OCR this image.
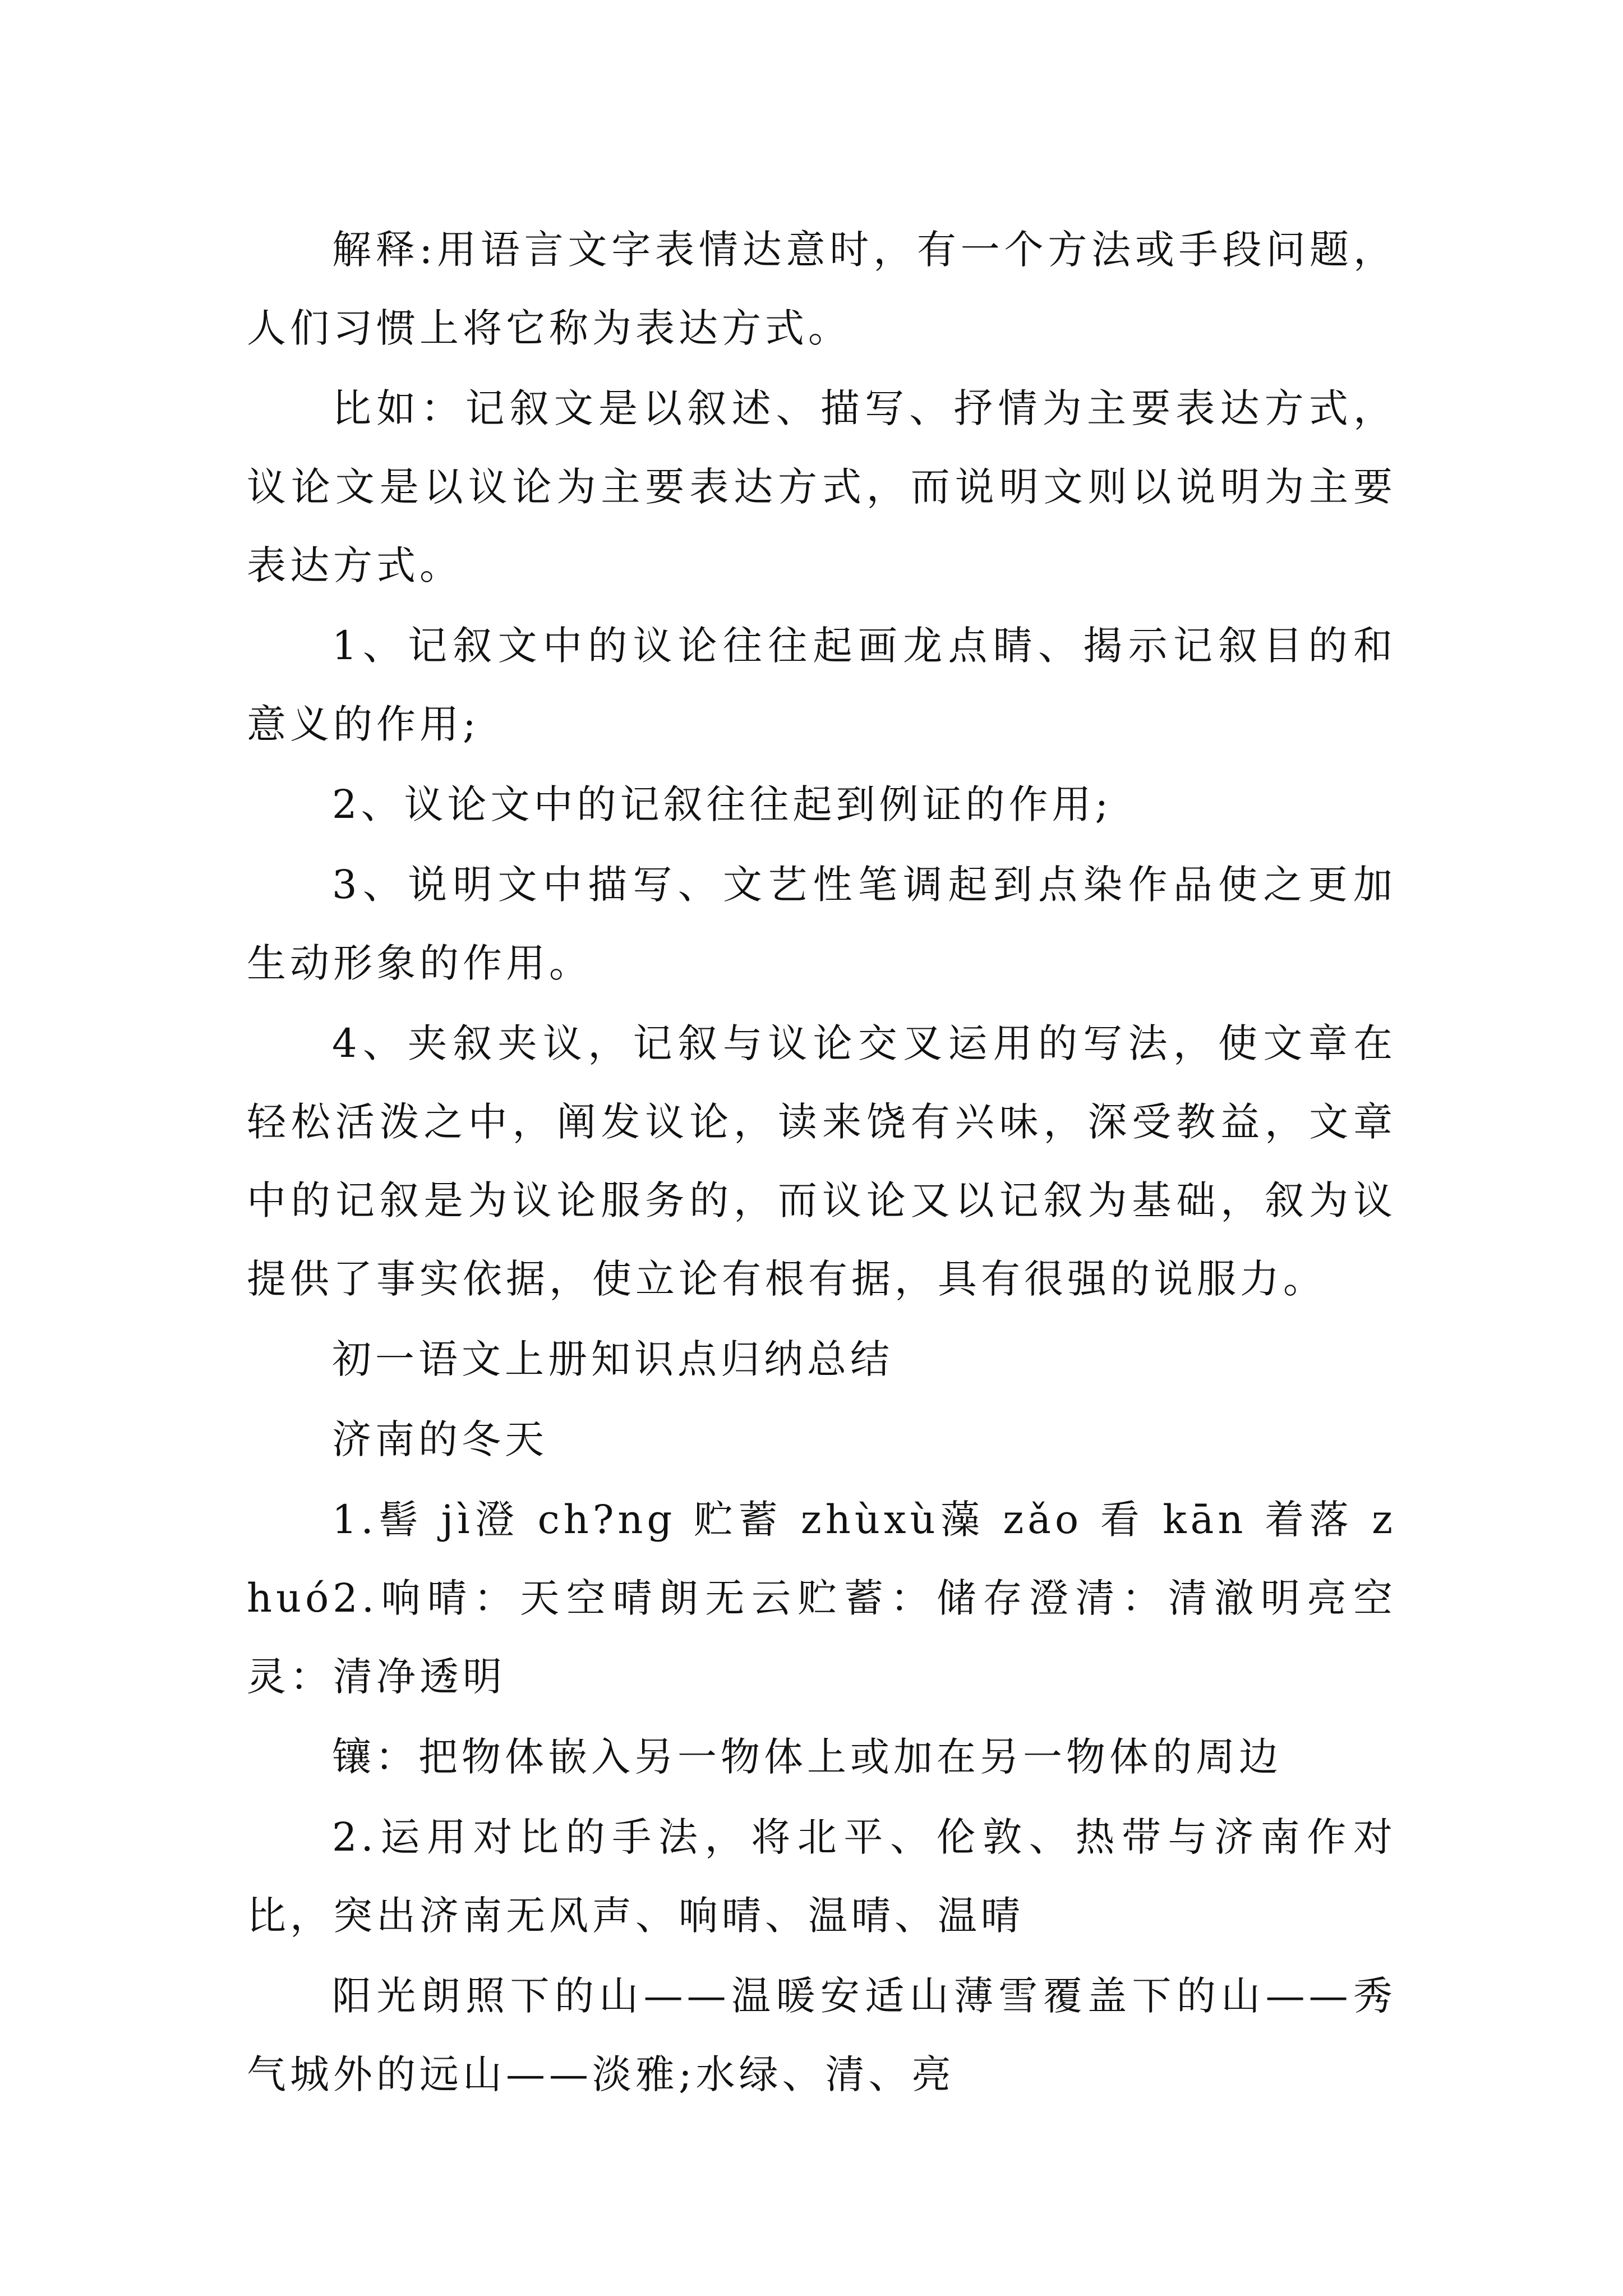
解释:用语言文字表情达意时，有一个方法或手段问题，人们习惯上将它称为表达方式。

比如：记叙文是以叙述、描写、抒情为主要表达方式，议论文是以议论为主要表达方式，而说明文则以说明为主要表达方式。

1、记叙文中的议论往往起画龙点睛、揭示记叙目的和意义的作用;

2、议论文中的记叙往往起到例证的作用;

3、说明文中描写、文艺性笔调起到点染作品使之更加生动形象的作用。

4、夹叙夹议，记叙与议论交叉运用的写法，使文章在轻松活泼之中，阐发议论，读来饶有兴味，深受教益，文章中的记叙是为议论服务的，而议论又以记叙为基础，叙为议提供了事实依据，使立论有根有据，具有很强的说服力。

初一语文上册知识点归纳总结

济南的冬天

1.髻 jì澄 ch?ng 贮蓄 zhùxù藻 zǎo 看 kān 着落 zhuó2.响晴：天空晴朗无云贮蓄：储存澄清：清澈明亮空灵：清净透明

镶：把物体嵌入另一物体上或加在另一物体的周边

2.运用对比的手法，将北平、伦敦、热带与济南作对比，突出济南无风声、响晴、温晴、温晴

阳光朗照下的山——温暖安适山薄雪覆盖下的山——秀气城外的远山——淡雅;水绿、清、亮
